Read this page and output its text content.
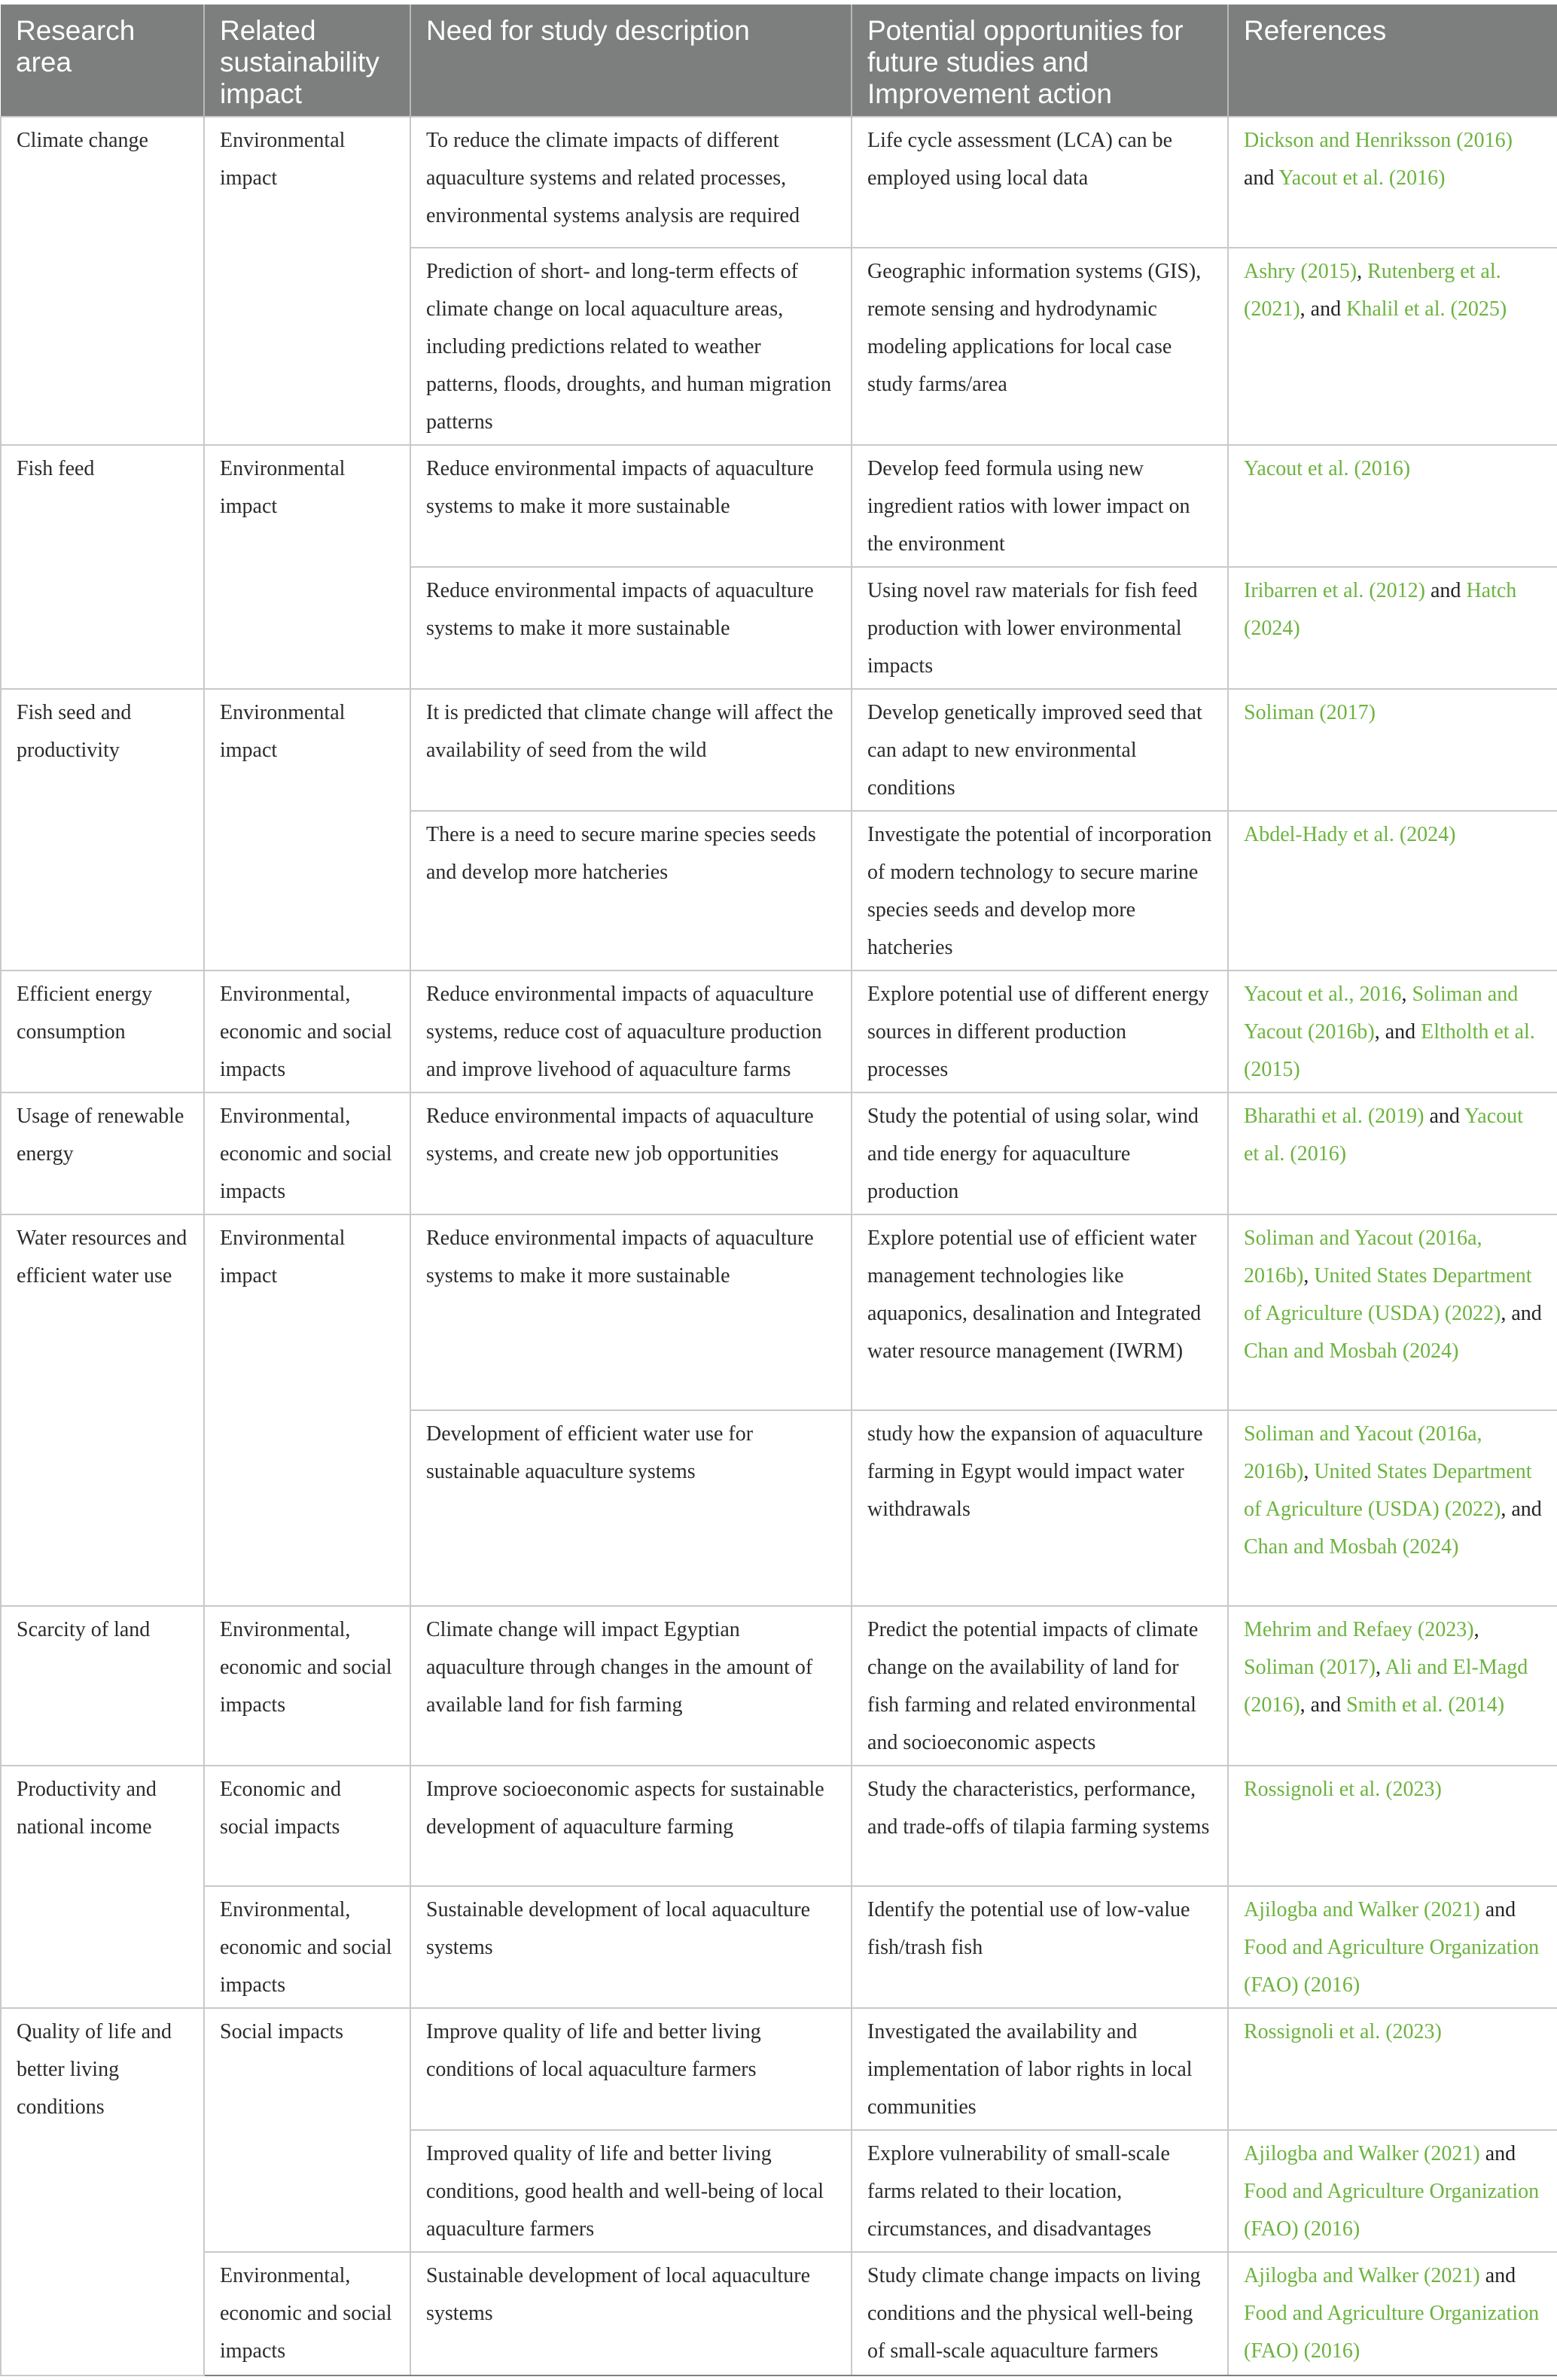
Research area	Related sustainability impact	Need for study description	Potential opportunities for future studies and Improvement action	References
Climate change	Environmental impact	To reduce the climate impacts of different aquaculture systems and related processes, environmental systems analysis are required	Life cycle assessment (LCA) can be employed using local data	Dickson and Henriksson (2016) and Yacout et al. (2016)
		Prediction of short- and long-term effects of climate change on local aquaculture areas, including predictions related to weather patterns, floods, droughts, and human migration patterns	Geographic information systems (GIS), remote sensing and hydrodynamic modeling applications for local case study farms/area	Ashry (2015), Rutenberg et al. (2021), and Khalil et al. (2025)
Fish feed	Environmental impact	Reduce environmental impacts of aquaculture systems to make it more sustainable	Develop feed formula using new ingredient ratios with lower impact on the environment	Yacout et al. (2016)
		Reduce environmental impacts of aquaculture systems to make it more sustainable	Using novel raw materials for fish feed production with lower environmental impacts	Iribarren et al. (2012) and Hatch (2024)
Fish seed and productivity	Environmental impact	It is predicted that climate change will affect the availability of seed from the wild	Develop genetically improved seed that can adapt to new environmental conditions	Soliman (2017)
		There is a need to secure marine species seeds and develop more hatcheries	Investigate the potential of incorporation of modern technology to secure marine species seeds and develop more hatcheries	Abdel-Hady et al. (2024)
Efficient energy consumption	Environmental, economic and social impacts	Reduce environmental impacts of aquaculture systems, reduce cost of aquaculture production and improve livehood of aquaculture farms	Explore potential use of different energy sources in different production processes	Yacout et al., 2016, Soliman and Yacout (2016b), and Eltholth et al. (2015)
Usage of renewable energy	Environmental, economic and social impacts	Reduce environmental impacts of aquaculture systems, and create new job opportunities	Study the potential of using solar, wind and tide energy for aquaculture production	Bharathi et al. (2019) and Yacout et al. (2016)
Water resources and efficient water use	Environmental impact	Reduce environmental impacts of aquaculture systems to make it more sustainable	Explore potential use of efficient water management technologies like aquaponics, desalination and Integrated water resource management (IWRM)	Soliman and Yacout (2016a, 2016b), United States Department of Agriculture (USDA) (2022), and Chan and Mosbah (2024)
		Development of efficient water use for sustainable aquaculture systems	study how the expansion of aquaculture farming in Egypt would impact water withdrawals	Soliman and Yacout (2016a, 2016b), United States Department of Agriculture (USDA) (2022), and Chan and Mosbah (2024)
Scarcity of land	Environmental, economic and social impacts	Climate change will impact Egyptian aquaculture through changes in the amount of available land for fish farming	Predict the potential impacts of climate change on the availability of land for fish farming and related environmental and socioeconomic aspects	Mehrim and Refaey (2023), Soliman (2017), Ali and El-Magd (2016), and Smith et al. (2014)
Productivity and national income	Economic and social impacts	Improve socioeconomic aspects for sustainable development of aquaculture farming	Study the characteristics, performance, and trade-offs of tilapia farming systems	Rossignoli et al. (2023)
	Environmental, economic and social impacts	Sustainable development of local aquaculture systems	Identify the potential use of low-value fish/trash fish	Ajilogba and Walker (2021) and Food and Agriculture Organization (FAO) (2016)
Quality of life and better living conditions	Social impacts	Improve quality of life and better living conditions of local aquaculture farmers	Investigated the availability and implementation of labor rights in local communities	Rossignoli et al. (2023)
		Improved quality of life and better living conditions, good health and well-being of local aquaculture farmers	Explore vulnerability of small-scale farms related to their location, circumstances, and disadvantages	Ajilogba and Walker (2021) and Food and Agriculture Organization (FAO) (2016)
	Environmental, economic and social impacts	Sustainable development of local aquaculture systems	Study climate change impacts on living conditions and the physical well-being of small-scale aquaculture farmers	Ajilogba and Walker (2021) and Food and Agriculture Organization (FAO) (2016)
